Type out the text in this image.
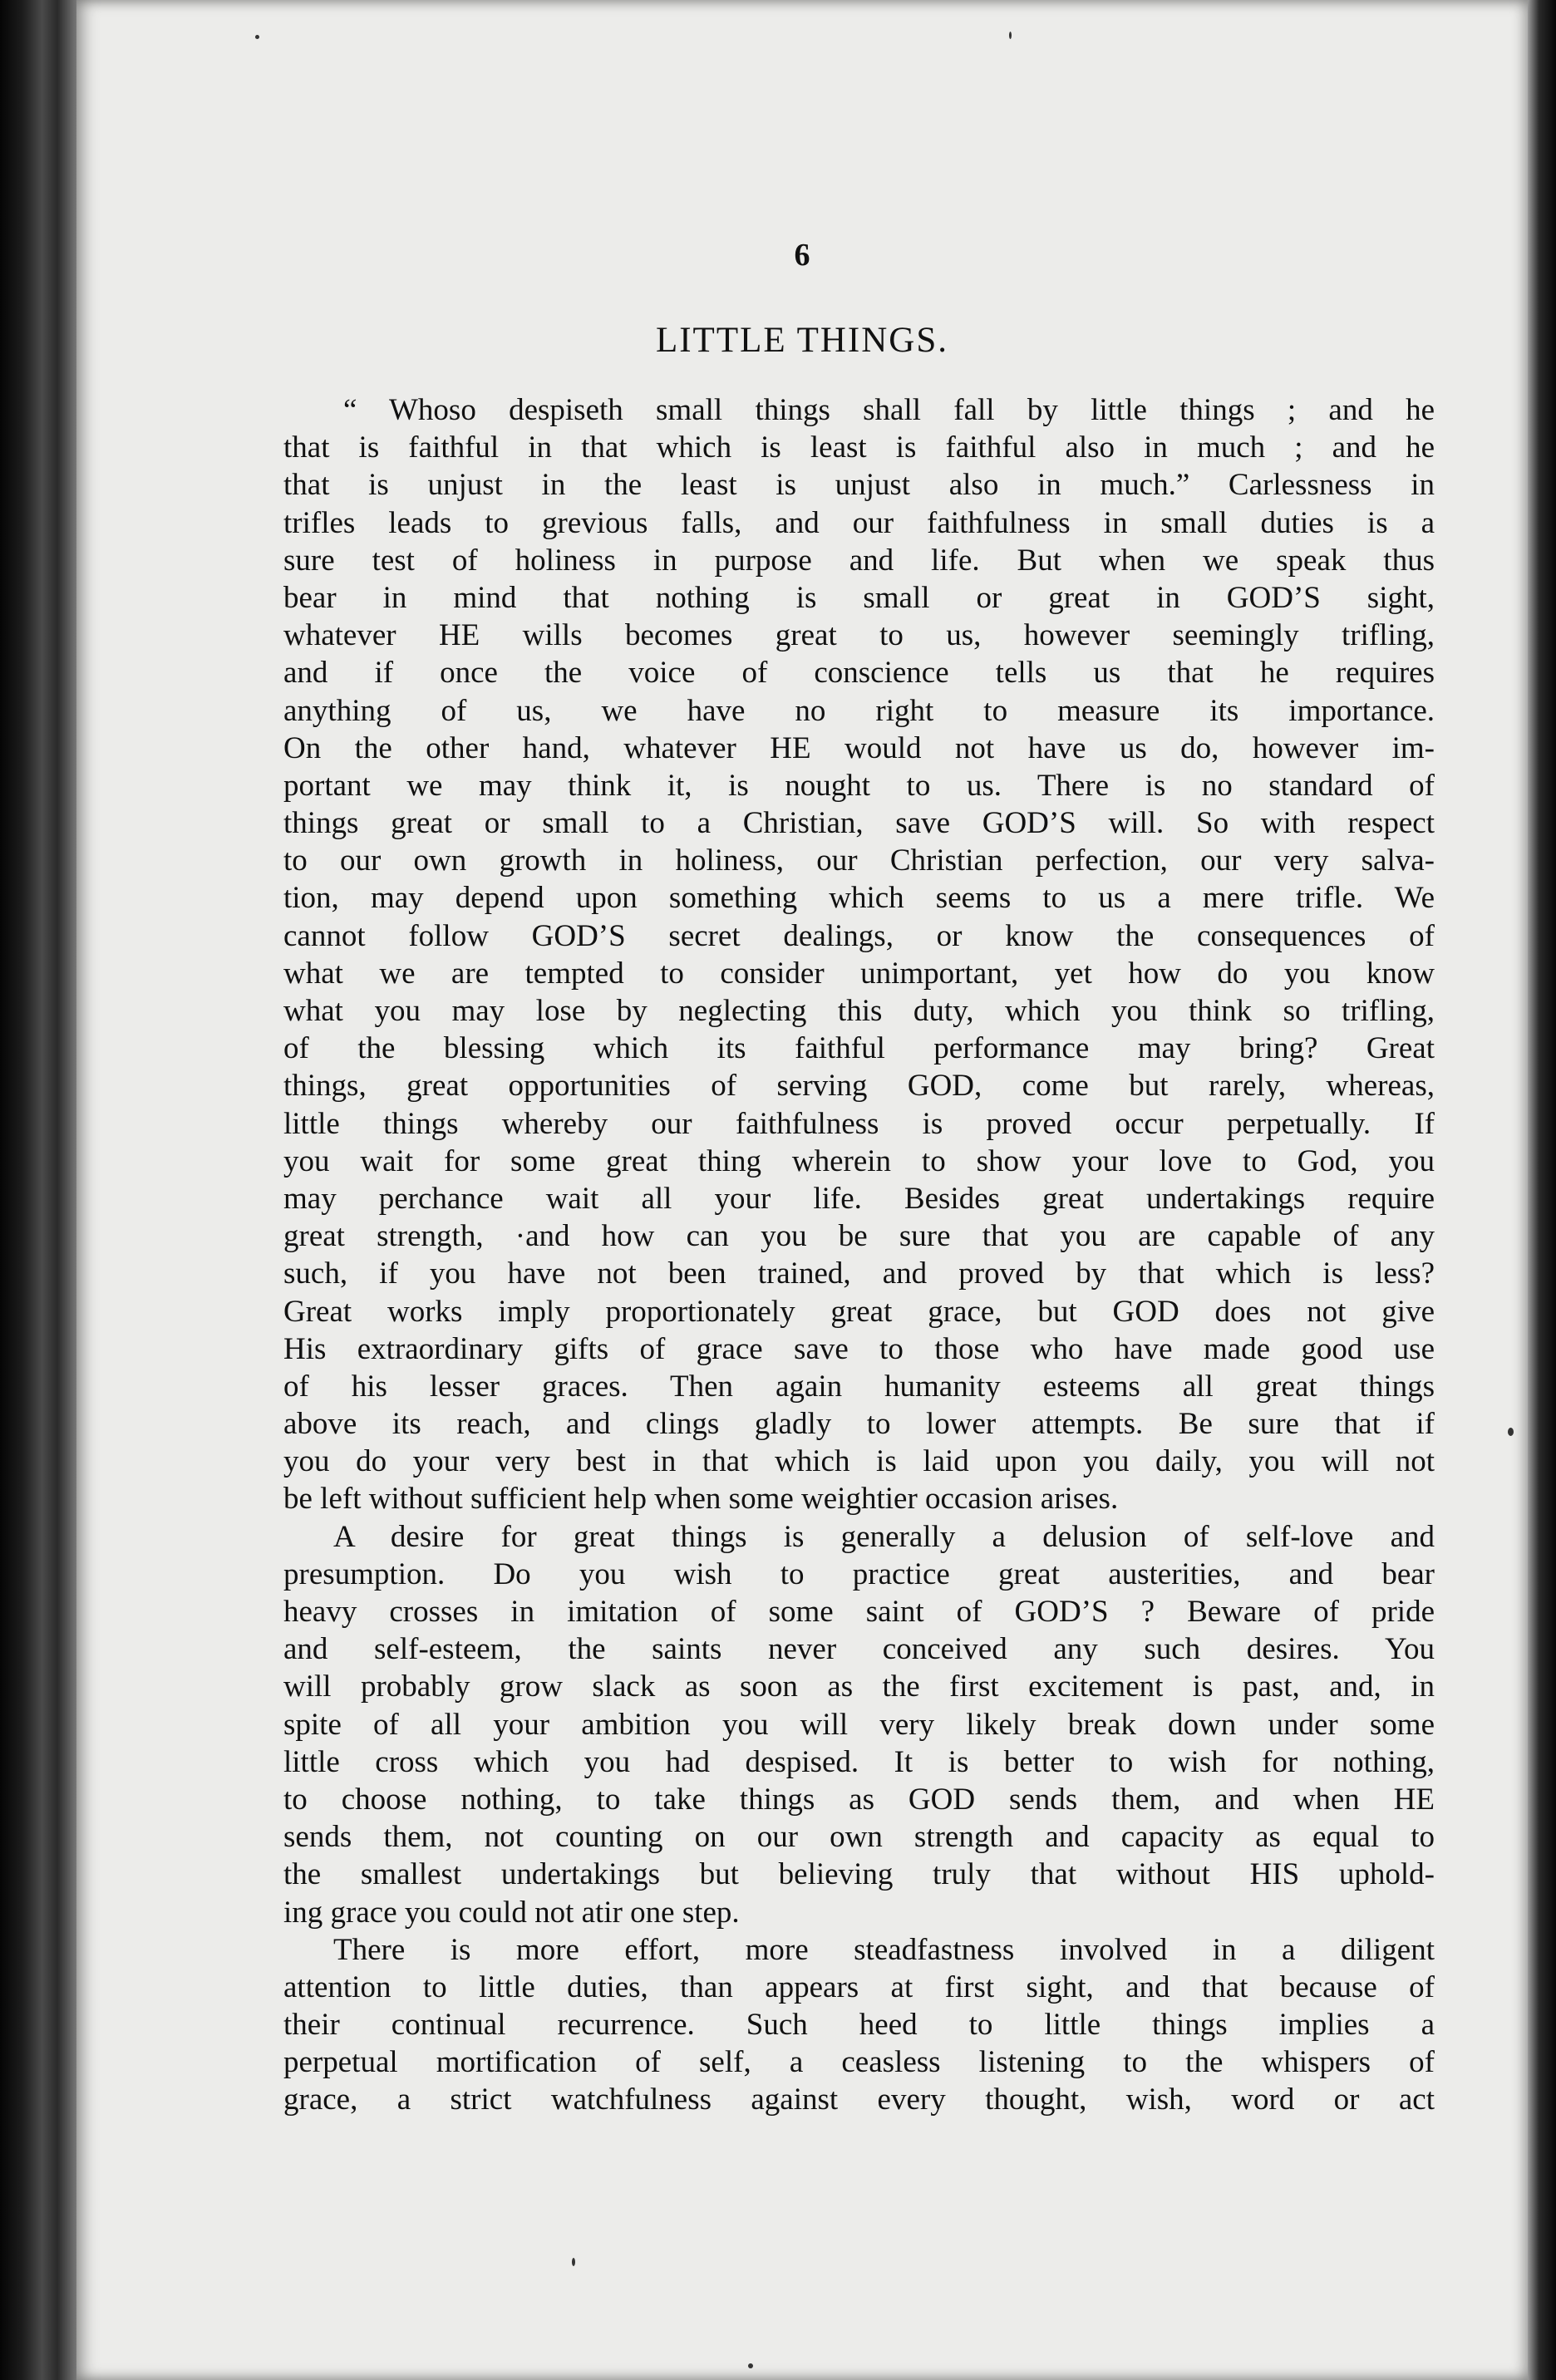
6
LITTLE THINGS.
“ Whoso despiseth small things shall fall by little things ; and he
that is faithful in that which is least is faithful also in much ; and he
that is unjust in the least is unjust also in much.” Carlessness in
trifles leads to grevious falls, and our faithfulness in small duties is a
sure test of holiness in purpose and life. But when we speak thus
bear in mind that nothing is small or great in GOD’S sight,
whatever HE wills becomes great to us, however seemingly trifling,
and if once the voice of conscience tells us that he requires
anything of us, we have no right to measure its importance.
On the other hand, whatever HE would not have us do, however im-
portant we may think it, is nought to us. There is no standard of
things great or small to a Christian, save GOD’S will. So with respect
to our own growth in holiness, our Christian perfection, our very salva-
tion, may depend upon something which seems to us a mere trifle. We
cannot follow GOD’S secret dealings, or know the consequences of
what we are tempted to consider unimportant, yet how do you know
what you may lose by neglecting this duty, which you think so trifling,
of the blessing which its faithful performance may bring? Great
things, great opportunities of serving GOD, come but rarely, whereas,
little things whereby our faithfulness is proved occur perpetually. If
you wait for some great thing wherein to show your love to God, you
may perchance wait all your life. Besides great undertakings require
great strength, ·and how can you be sure that you are capable of any
such, if you have not been trained, and proved by that which is less?
Great works imply proportionately great grace, but GOD does not give
His extraordinary gifts of grace save to those who have made good use
of his lesser graces. Then again humanity esteems all great things
above its reach, and clings gladly to lower attempts. Be sure that if
you do your very best in that which is laid upon you daily, you will not
be left without sufficient help when some weightier occasion arises.
A desire for great things is generally a delusion of self-love and
presumption. Do you wish to practice great austerities, and bear
heavy crosses in imitation of some saint of GOD’S ? Beware of pride
and self-esteem, the saints never conceived any such desires. You
will probably grow slack as soon as the first excitement is past, and, in
spite of all your ambition you will very likely break down under some
little cross which you had despised. It is better to wish for nothing,
to choose nothing, to take things as GOD sends them, and when HE
sends them, not counting on our own strength and capacity as equal to
the smallest undertakings but believing truly that without HIS uphold-
ing grace you could not atir one step.
There is more effort, more steadfastness involved in a diligent
attention to little duties, than appears at first sight, and that because of
their continual recurrence. Such heed to little things implies a
perpetual mortification of self, a ceasless listening to the whispers of
grace, a strict watchfulness against every thought, wish, word or act
